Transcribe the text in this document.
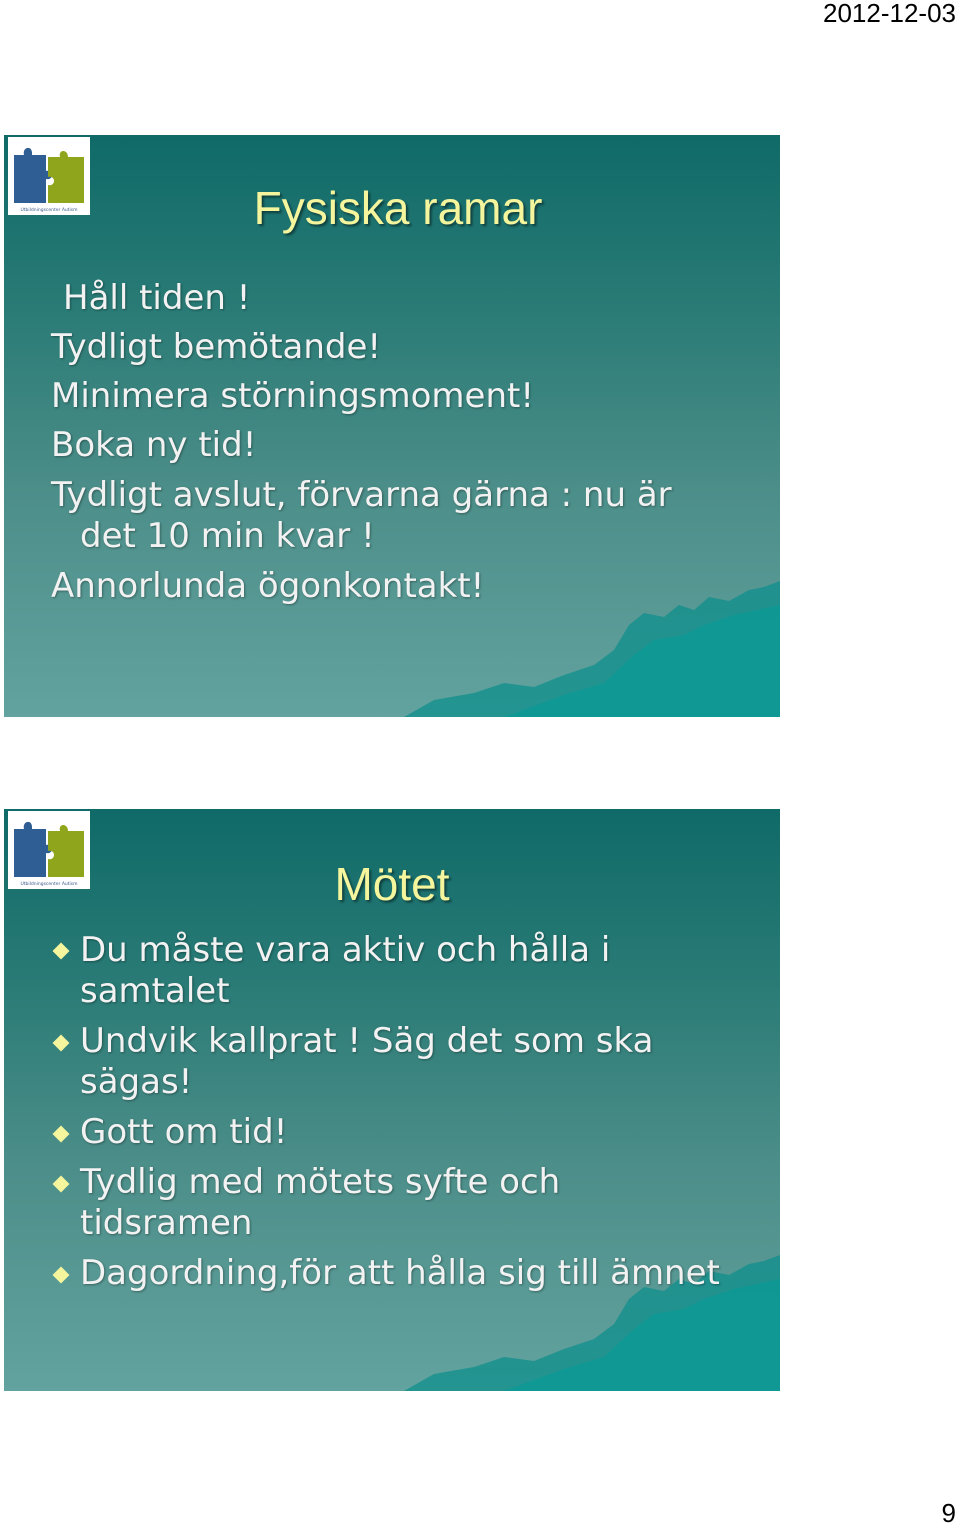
2012-12-03
Utbildningscenter Autism	Fysiska ramar
Håll tiden !
Tydligt bemötande!
Minimera störningsmoment!
Boka ny tid!
Tydligt avslut, förvarna gärna : nu är
det 10 min kvar !
Annorlunda ögonkontakt!
Utbildningscenter Autism	Mötet
Du måste vara aktiv och hålla i
samtalet
Undvik kallprat ! Säg det som ska
sägas!
Gott om tid!
Tydlig med mötets syfte och
tidsramen
Dagordning,för att hålla sig till ämnet
9
